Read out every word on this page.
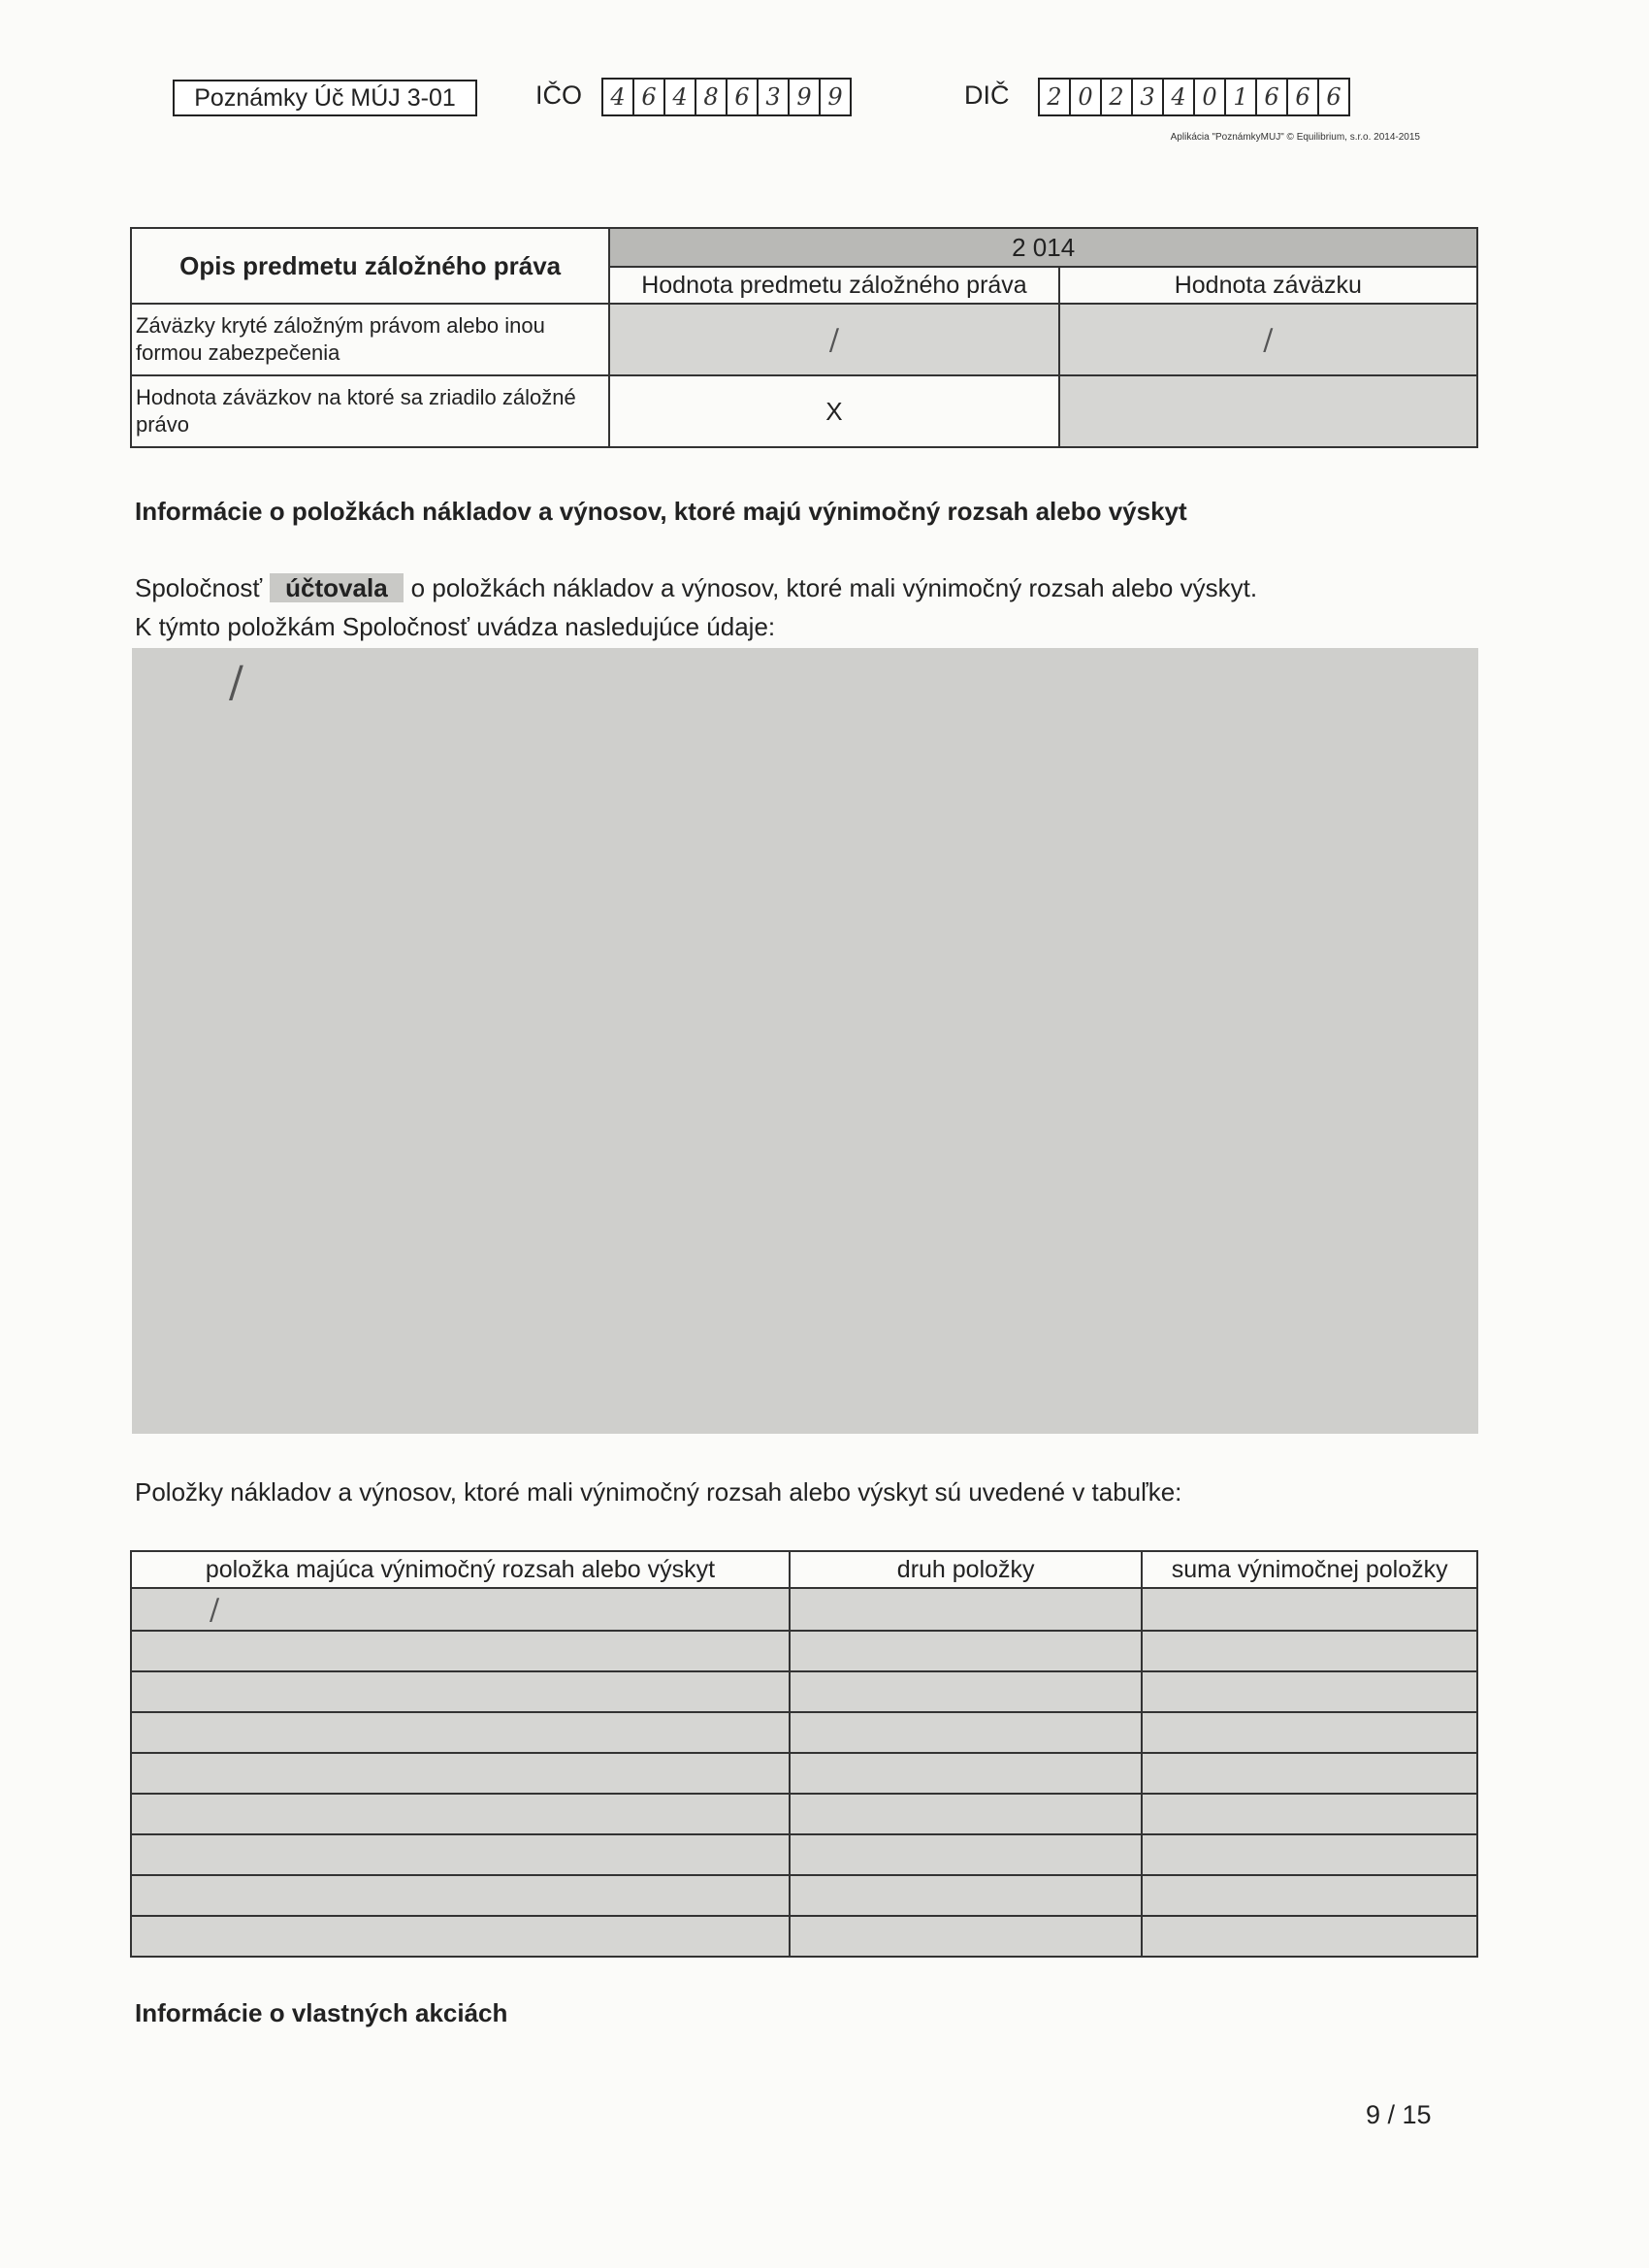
Poznámky Úč MÚJ 3-01	IČO	4 6 4 8 6 3 9 9	DIČ	2 0 2 3 4 0 1 6 6 6
Aplikácia "PoznámkyMUJ" © Equilibrium, s.r.o. 2014-2015
Opis predmetu záložného práva	2 014	
	Hodnota predmetu záložného práva	Hodnota záväzku
Záväzky kryté záložným právom alebo inou formou zabezpečenia	/	/
Hodnota záväzkov na ktoré sa zriadilo záložné právo	X	
Informácie o položkách nákladov a výnosov, ktoré majú výnimočný rozsah alebo výskyt
Spoločnosť účtovala o položkách nákladov a výnosov, ktoré mali výnimočný rozsah alebo výskyt.
K týmto položkám Spoločnosť uvádza nasledujúce údaje:
/
Položky nákladov a výnosov, ktoré mali výnimočný rozsah alebo výskyt sú uvedené v tabuľke:
položka majúca výnimočný rozsah alebo výskyt	druh položky	suma výnimočnej položky
/		

Informácie o vlastných akciách
9 / 15
